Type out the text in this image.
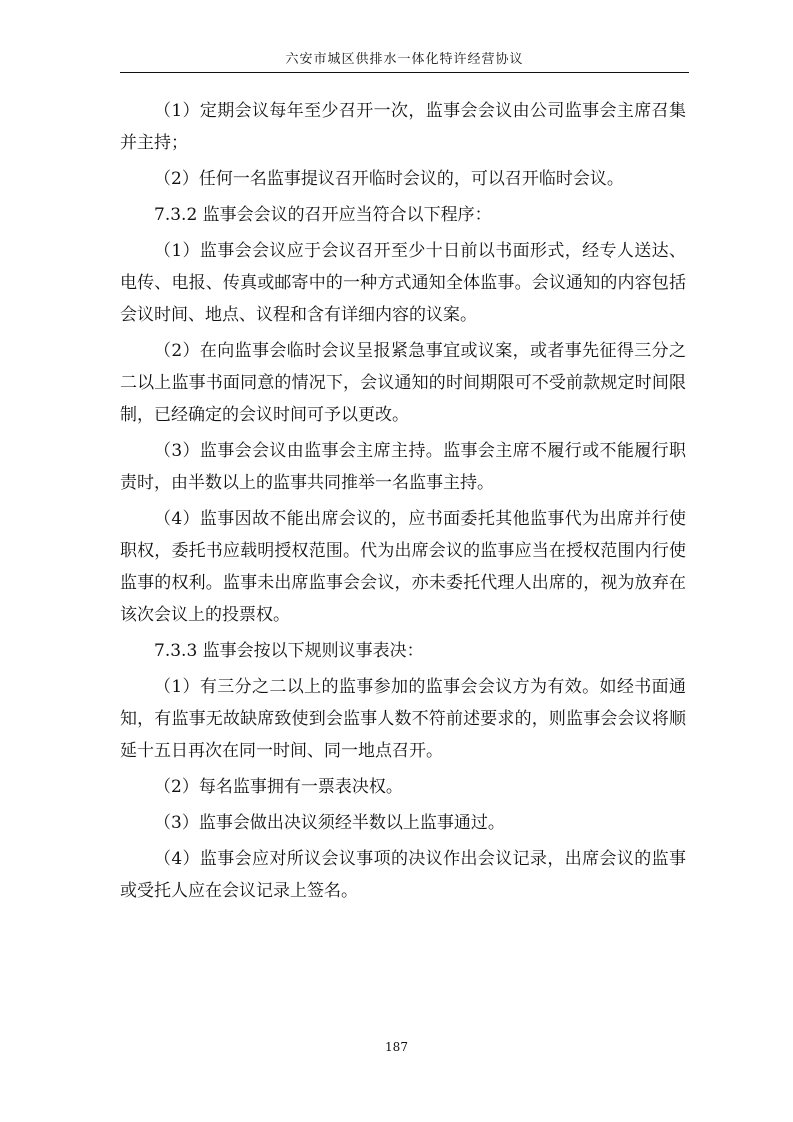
六安市城区供排水一体化特许经营协议

（1）定期会议每年至少召开一次，监事会会议由公司监事会主席召集并主持；

（2）任何一名监事提议召开临时会议的，可以召开临时会议。

7.3.2 监事会会议的召开应当符合以下程序：

（1）监事会会议应于会议召开至少十日前以书面形式，经专人送达、电传、电报、传真或邮寄中的一种方式通知全体监事。会议通知的内容包括会议时间、地点、议程和含有详细内容的议案。

（2）在向监事会临时会议呈报紧急事宜或议案，或者事先征得三分之二以上监事书面同意的情况下，会议通知的时间期限可不受前款规定时间限制，已经确定的会议时间可予以更改。

（3）监事会会议由监事会主席主持。监事会主席不履行或不能履行职责时，由半数以上的监事共同推举一名监事主持。

（4）监事因故不能出席会议的，应书面委托其他监事代为出席并行使职权，委托书应载明授权范围。代为出席会议的监事应当在授权范围内行使监事的权利。监事未出席监事会会议，亦未委托代理人出席的，视为放弃在该次会议上的投票权。

7.3.3 监事会按以下规则议事表决：

（1）有三分之二以上的监事参加的监事会会议方为有效。如经书面通知，有监事无故缺席致使到会监事人数不符前述要求的，则监事会会议将顺延十五日再次在同一时间、同一地点召开。

（2）每名监事拥有一票表决权。

（3）监事会做出决议须经半数以上监事通过。

（4）监事会应对所议会议事项的决议作出会议记录，出席会议的监事或受托人应在会议记录上签名。

187
